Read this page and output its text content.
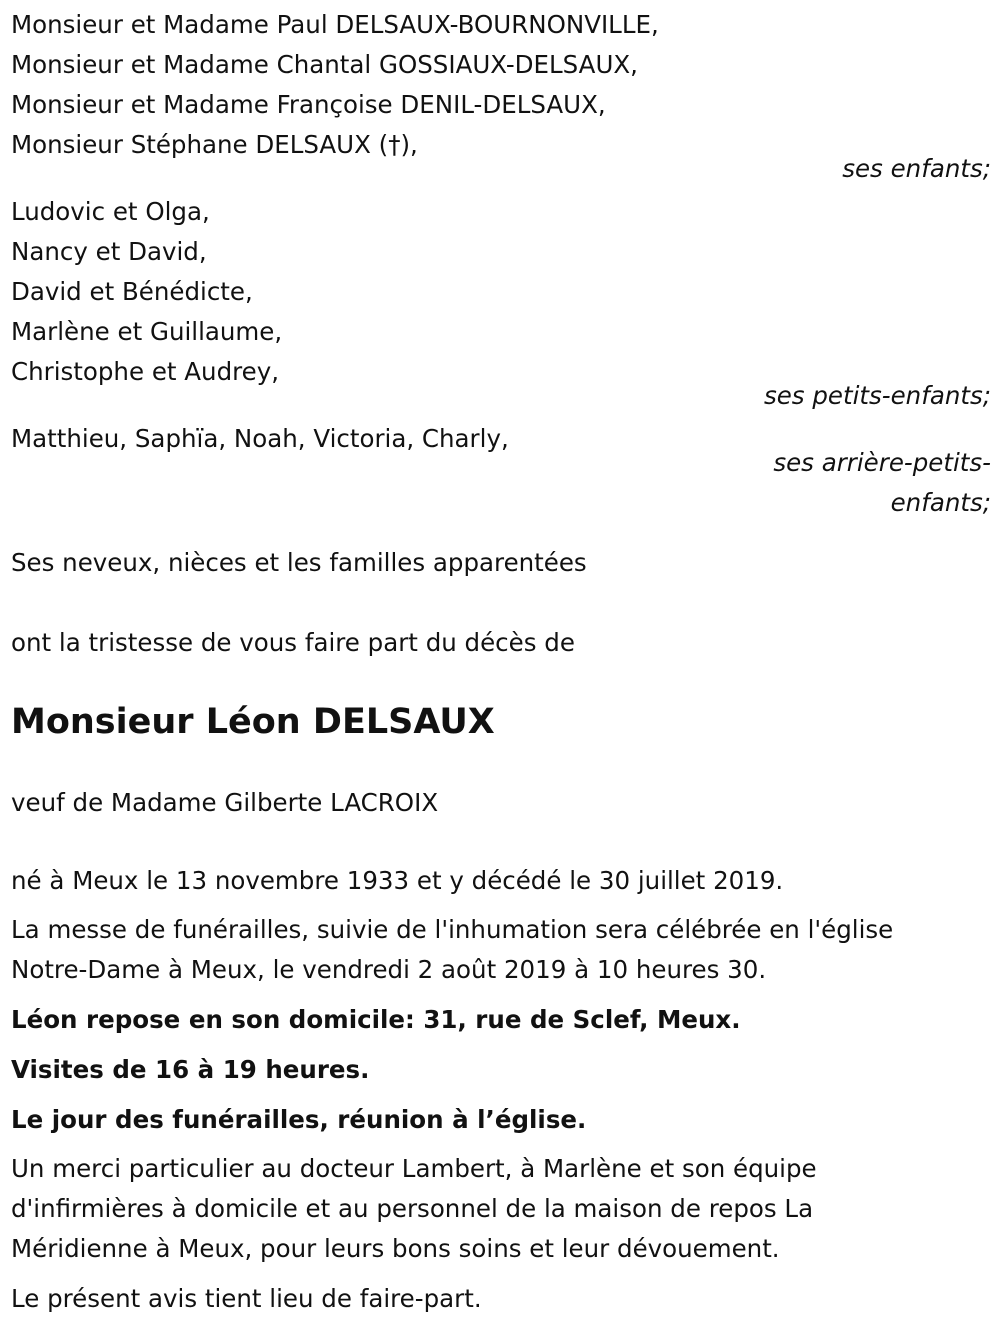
Monsieur et Madame Paul DELSAUX-BOURNONVILLE,
Monsieur et Madame Chantal GOSSIAUX-DELSAUX,
Monsieur et Madame Françoise DENIL-DELSAUX,
Monsieur Stéphane DELSAUX (†),
ses enfants;
Ludovic et Olga,
Nancy et David,
David et Bénédicte,
Marlène et Guillaume,
Christophe et Audrey,
ses petits-enfants;
Matthieu, Saphïa, Noah, Victoria, Charly,
ses arrière-petits-
enfants;
Ses neveux, nièces et les familles apparentées
ont la tristesse de vous faire part du décès de
Monsieur Léon DELSAUX
veuf de Madame Gilberte LACROIX
né à Meux le 13 novembre 1933 et y décédé le 30 juillet 2019.
La messe de funérailles, suivie de l'inhumation sera célébrée en l'église
Notre-Dame à Meux, le vendredi 2 août 2019 à 10 heures 30.
Léon repose en son domicile: 31, rue de Sclef, Meux.
Visites de 16 à 19 heures.
Le jour des funérailles, réunion à l’église.
Un merci particulier au docteur Lambert, à Marlène et son équipe
d'infirmières à domicile et au personnel de la maison de repos La
Méridienne à Meux, pour leurs bons soins et leur dévouement.
Le présent avis tient lieu de faire-part.
